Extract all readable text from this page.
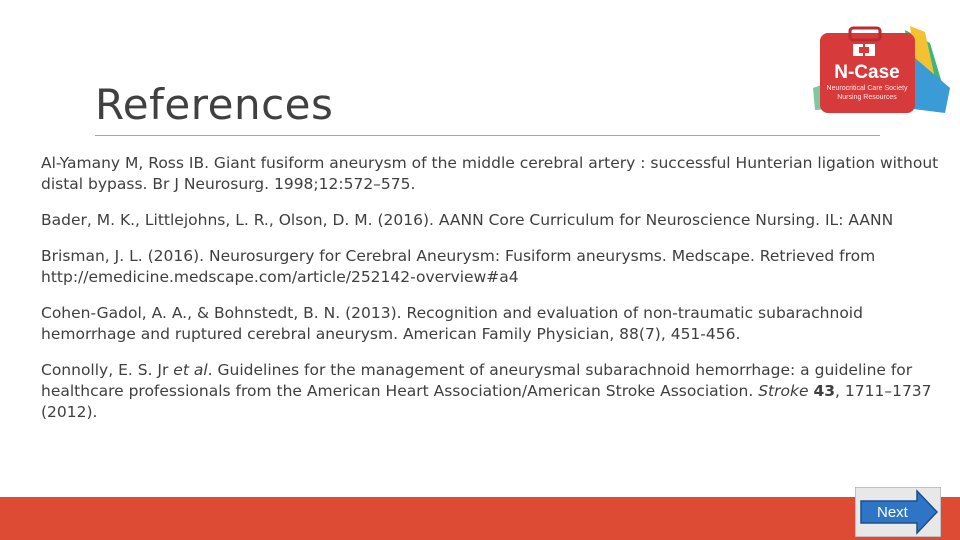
N-Case
Neurocritical Care Society
Nursing Resources
References

Al-Yamany M, Ross IB. Giant fusiform aneurysm of the middle cerebral artery : successful Hunterian ligation without distal bypass. Br J Neurosurg. 1998;12:572–575.

Bader, M. K., Littlejohns, L. R., Olson, D. M. (2016). AANN Core Curriculum for Neuroscience Nursing. IL: AANN

Brisman, J. L. (2016). Neurosurgery for Cerebral Aneurysm: Fusiform aneurysms. Medscape. Retrieved from http://emedicine.medscape.com/article/252142-overview#a4

Cohen-Gadol, A. A., & Bohnstedt, B. N. (2013). Recognition and evaluation of non-traumatic subarachnoid hemorrhage and ruptured cerebral aneurysm. American Family Physician, 88(7), 451-456.

Connolly, E. S. Jr et al. Guidelines for the management of aneurysmal subarachnoid hemorrhage: a guideline for healthcare professionals from the American Heart Association/American Stroke Association. Stroke 43, 1711–1737 (2012).

Next
